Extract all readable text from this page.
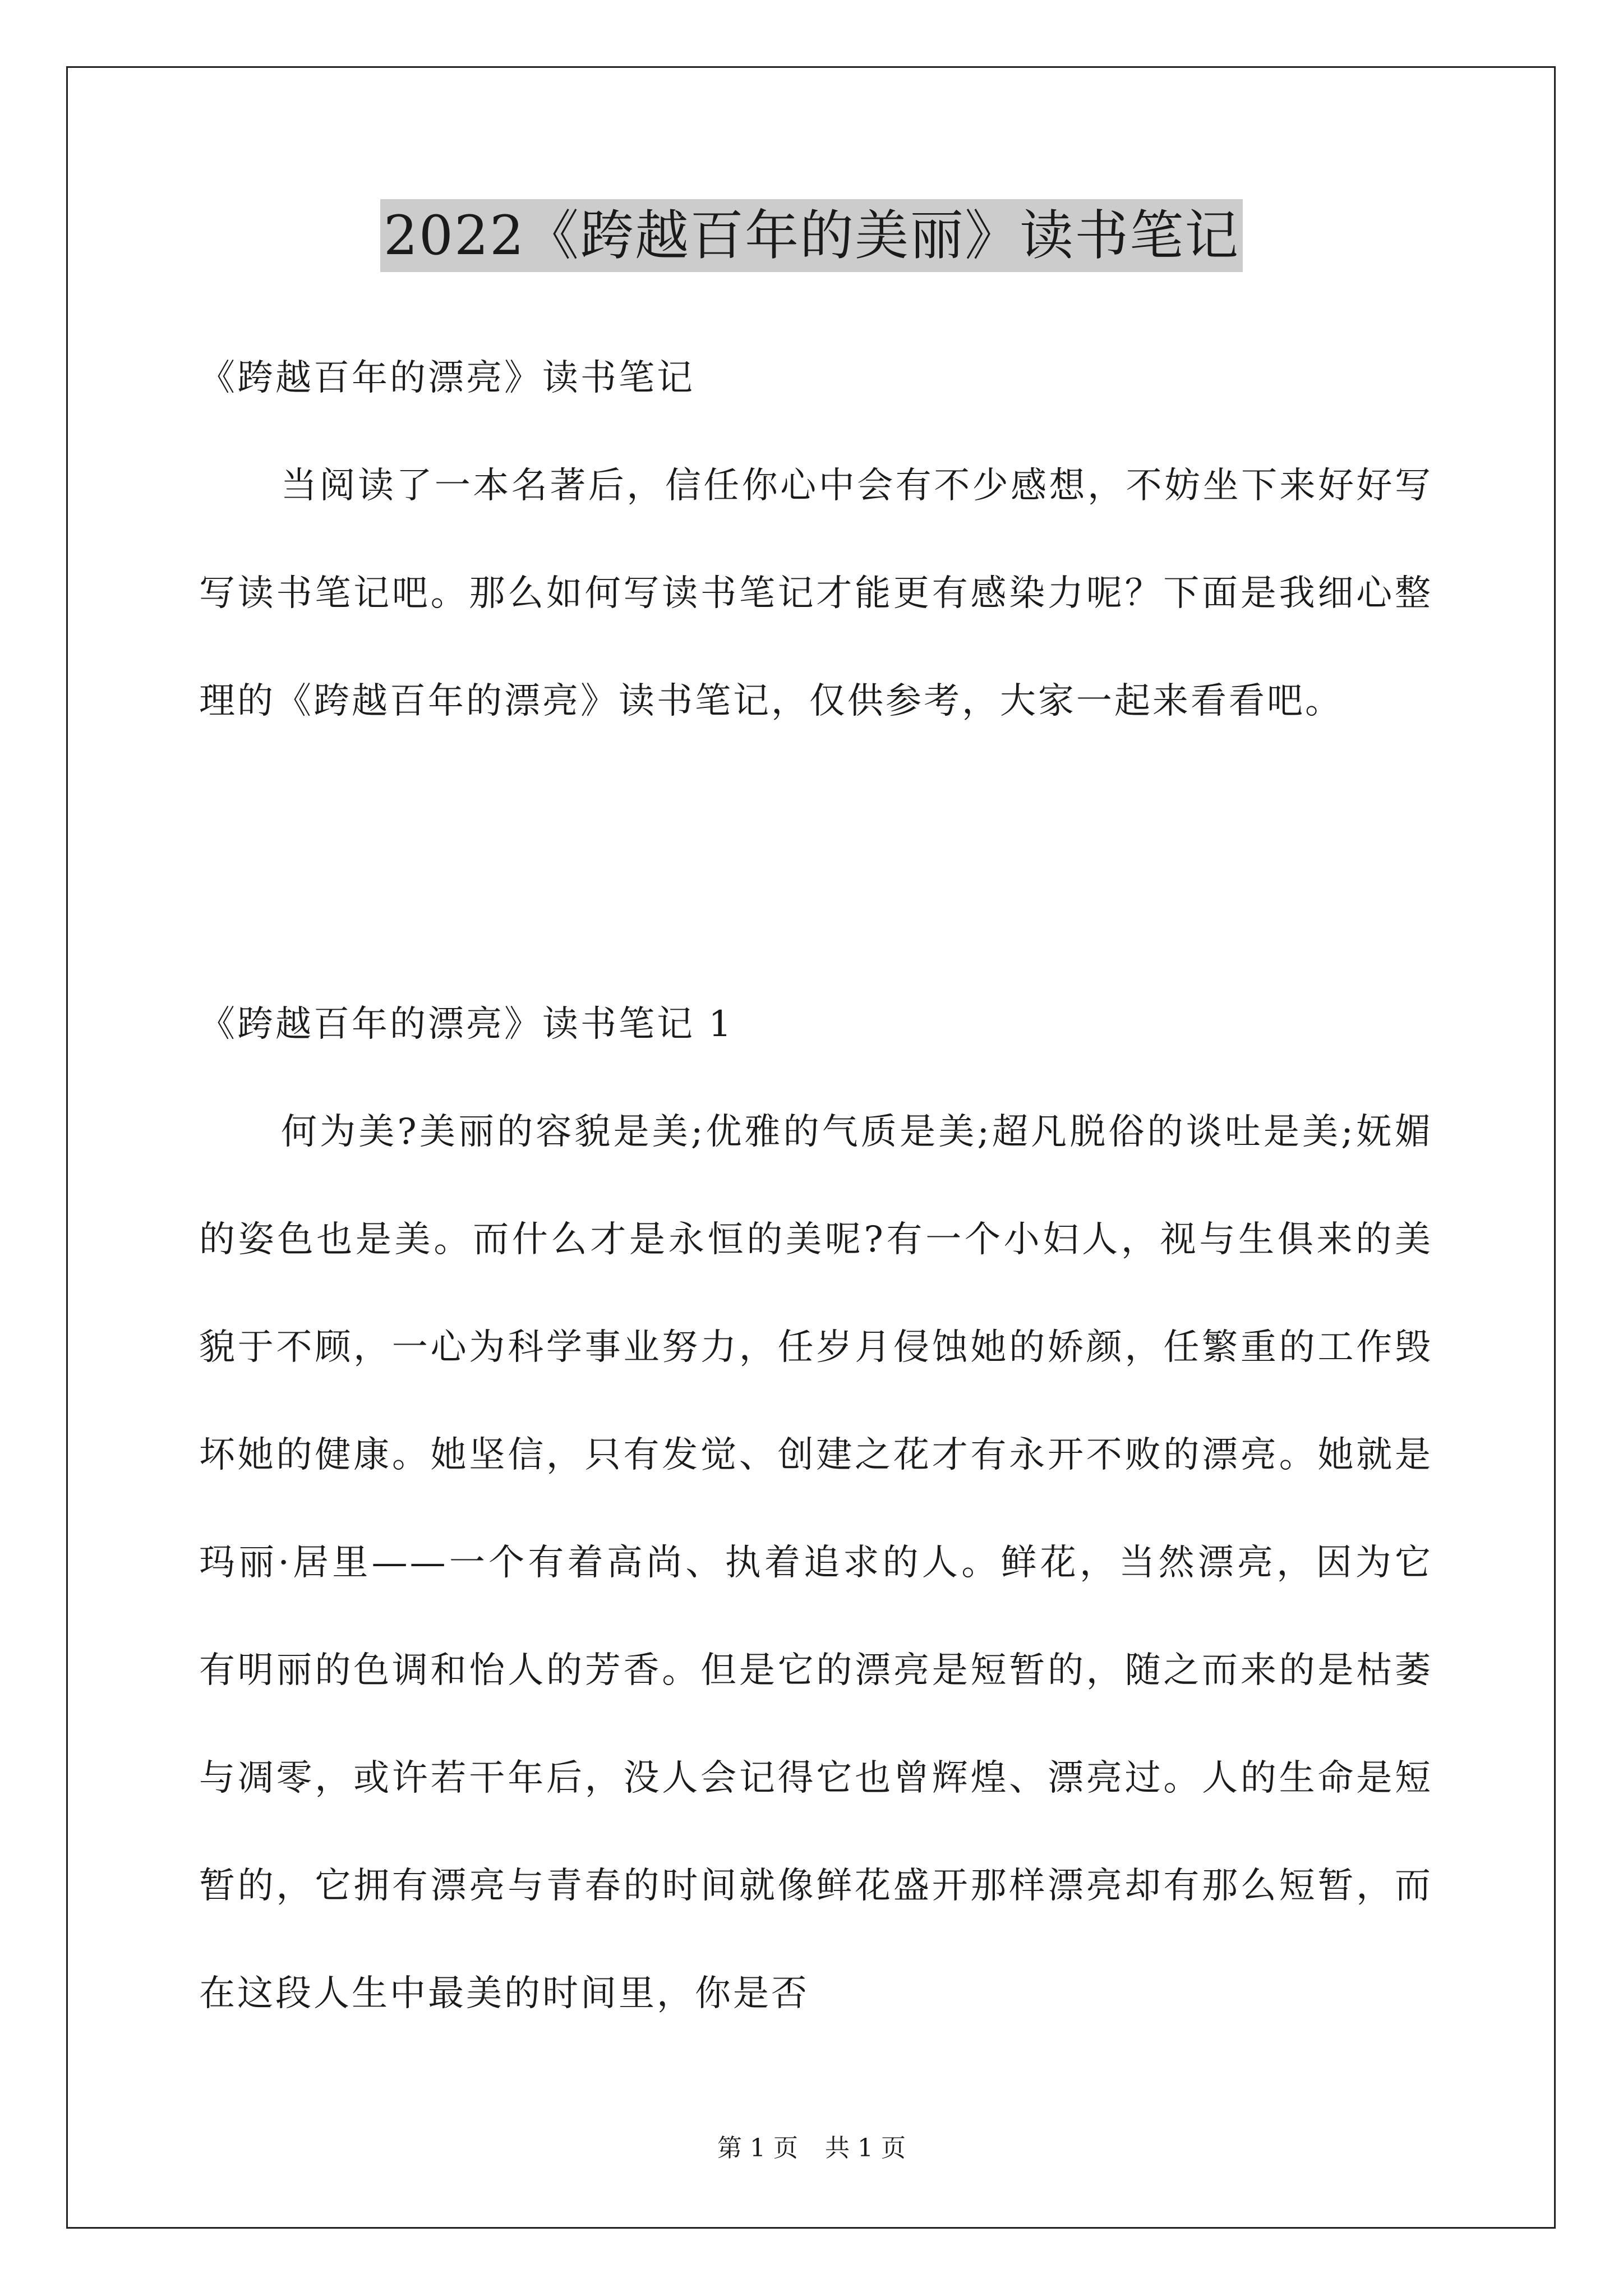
2022《跨越百年的美丽》读书笔记
《跨越百年的漂亮》读书笔记
当阅读了一本名著后，信任你心中会有不少感想，不妨坐下来好好写写读书笔记吧。那么如何写读书笔记才能更有感染力呢？下面是我细心整理的《跨越百年的漂亮》读书笔记，仅供参考，大家一起来看看吧。
《跨越百年的漂亮》读书笔记 1
何为美?美丽的容貌是美;优雅的气质是美;超凡脱俗的谈吐是美;妩媚的姿色也是美。而什么才是永恒的美呢?有一个小妇人，视与生俱来的美貌于不顾，一心为科学事业努力，任岁月侵蚀她的娇颜，任繁重的工作毁坏她的健康。她坚信，只有发觉、创建之花才有永开不败的漂亮。她就是玛丽·居里——一个有着高尚、执着追求的人。鲜花，当然漂亮，因为它有明丽的色调和怡人的芳香。但是它的漂亮是短暂的，随之而来的是枯萎与凋零，或许若干年后，没人会记得它也曾辉煌、漂亮过。人的生命是短暂的，它拥有漂亮与青春的时间就像鲜花盛开那样漂亮却有那么短暂，而在这段人生中最美的时间里，你是否
第 1 页 共 1 页
